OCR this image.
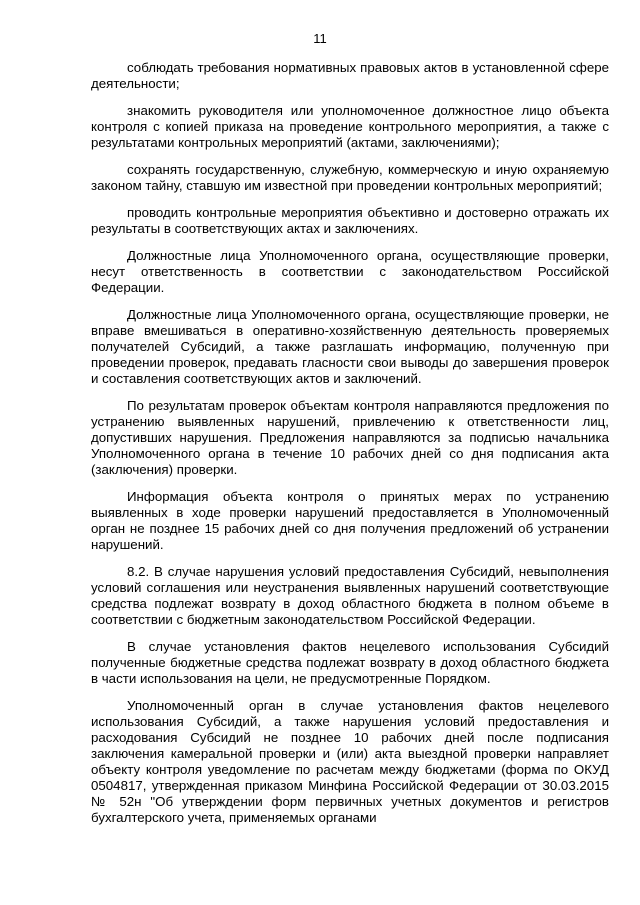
11

соблюдать требования нормативных правовых актов в установленной сфере деятельности;

знакомить руководителя или уполномоченное должностное лицо объекта контроля с копией приказа на проведение контрольного мероприятия, а также с результатами контрольных мероприятий (актами, заключениями);

сохранять государственную, служебную, коммерческую и иную охраняемую законом тайну, ставшую им известной при проведении контрольных мероприятий;

проводить контрольные мероприятия объективно и достоверно отражать их результаты в соответствующих актах и заключениях.

Должностные лица Уполномоченного органа, осуществляющие проверки, несут ответственность в соответствии с законодательством Российской Федерации.

Должностные лица Уполномоченного органа, осуществляющие проверки, не вправе вмешиваться в оперативно-хозяйственную деятельность проверяемых получателей Субсидий, а также разглашать информацию, полученную при проведении проверок, предавать гласности свои выводы до завершения проверок и составления соответствующих актов и заключений.

По результатам проверок объектам контроля направляются предложения по устранению выявленных нарушений, привлечению к ответственности лиц, допустивших нарушения. Предложения направляются за подписью начальника Уполномоченного органа в течение 10 рабочих дней со дня подписания акта (заключения) проверки.

Информация объекта контроля о принятых мерах по устранению выявленных в ходе проверки нарушений предоставляется в Уполномоченный орган не позднее 15 рабочих дней со дня получения предложений об устранении нарушений.

8.2. В случае нарушения условий предоставления Субсидий, невыполнения условий соглашения или неустранения выявленных нарушений соответствующие средства подлежат возврату в доход областного бюджета в полном объеме в соответствии с бюджетным законодательством Российской Федерации.

В случае установления фактов нецелевого использования Субсидий полученные бюджетные средства подлежат возврату в доход областного бюджета в части использования на цели, не предусмотренные Порядком.

Уполномоченный орган в случае установления фактов нецелевого использования Субсидий, а также нарушения условий предоставления и расходования Субсидий не позднее 10 рабочих дней после подписания заключения камеральной проверки и (или) акта выездной проверки направляет объекту контроля уведомление по расчетам между бюджетами (форма по ОКУД 0504817, утвержденная приказом Минфина Российской Федерации от 30.03.2015 № 52н "Об утверждении форм первичных учетных документов и регистров бухгалтерского учета, применяемых органами
